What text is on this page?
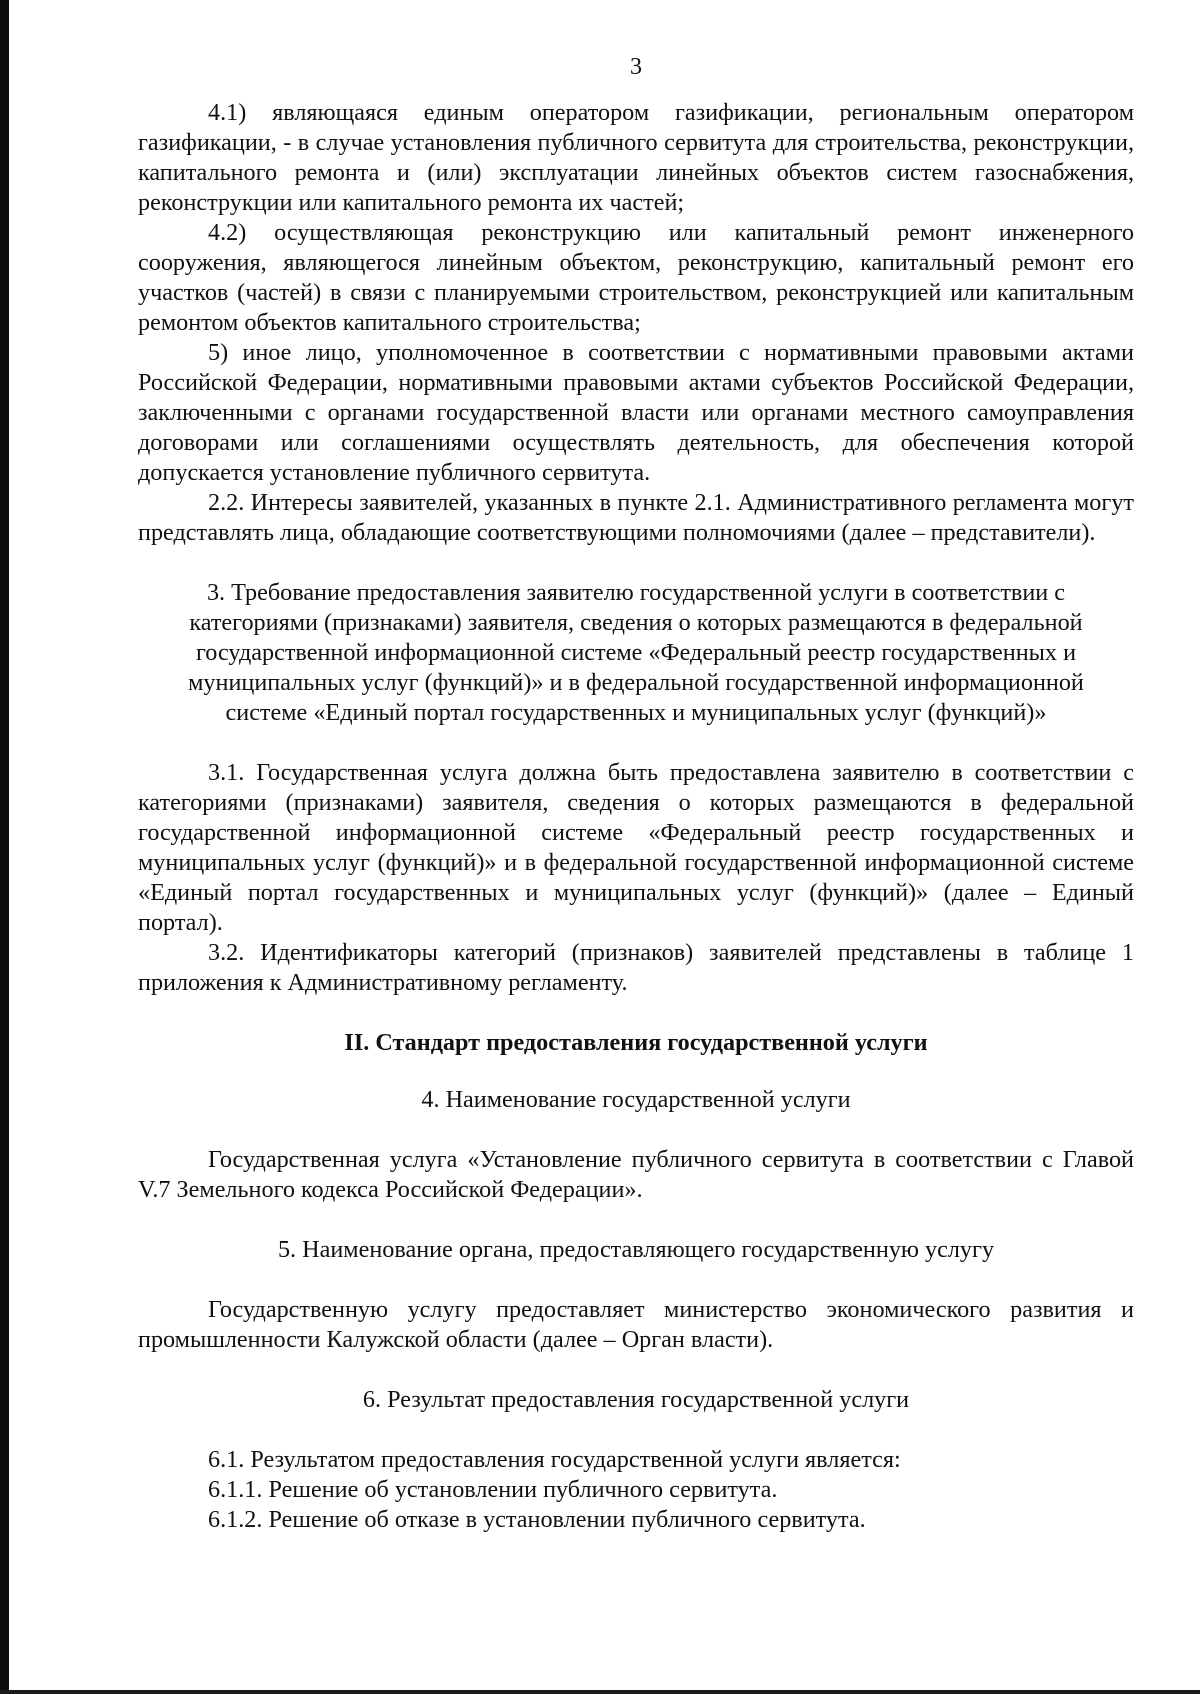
3

4.1) являющаяся единым оператором газификации, региональным оператором газификации, - в случае установления публичного сервитута для строительства, реконструкции, капитального ремонта и (или) эксплуатации линейных объектов систем газоснабжения, реконструкции или капитального ремонта их частей;

4.2) осуществляющая реконструкцию или капитальный ремонт инженерного сооружения, являющегося линейным объектом, реконструкцию, капитальный ремонт его участков (частей) в связи с планируемыми строительством, реконструкцией или капитальным ремонтом объектов капитального строительства;

5) иное лицо, уполномоченное в соответствии с нормативными правовыми актами Российской Федерации, нормативными правовыми актами субъектов Российской Федерации, заключенными с органами государственной власти или органами местного самоуправления договорами или соглашениями осуществлять деятельность, для обеспечения которой допускается установление публичного сервитута.

2.2. Интересы заявителей, указанных в пункте 2.1. Административного регламента могут представлять лица, обладающие соответствующими полномочиями (далее – представители).

3. Требование предоставления заявителю государственной услуги в соответствии с категориями (признаками) заявителя, сведения о которых размещаются в федеральной государственной информационной системе «Федеральный реестр государственных и муниципальных услуг (функций)» и в федеральной государственной информационной системе «Единый портал государственных и муниципальных услуг (функций)»

3.1. Государственная услуга должна быть предоставлена заявителю в соответствии с категориями (признаками) заявителя, сведения о которых размещаются в федеральной государственной информационной системе «Федеральный реестр государственных и муниципальных услуг (функций)» и в федеральной государственной информационной системе «Единый портал государственных и муниципальных услуг (функций)» (далее – Единый портал).

3.2. Идентификаторы категорий (признаков) заявителей представлены в таблице 1 приложения к Административному регламенту.

II. Стандарт предоставления государственной услуги

4. Наименование государственной услуги

Государственная услуга «Установление публичного сервитута в соответствии с Главой V.7 Земельного кодекса Российской Федерации».

5. Наименование органа, предоставляющего государственную услугу

Государственную услугу предоставляет министерство экономического развития и промышленности Калужской области (далее – Орган власти).

6. Результат предоставления государственной услуги

6.1. Результатом предоставления государственной услуги является:

6.1.1. Решение об установлении публичного сервитута.

6.1.2. Решение об отказе в установлении публичного сервитута.
